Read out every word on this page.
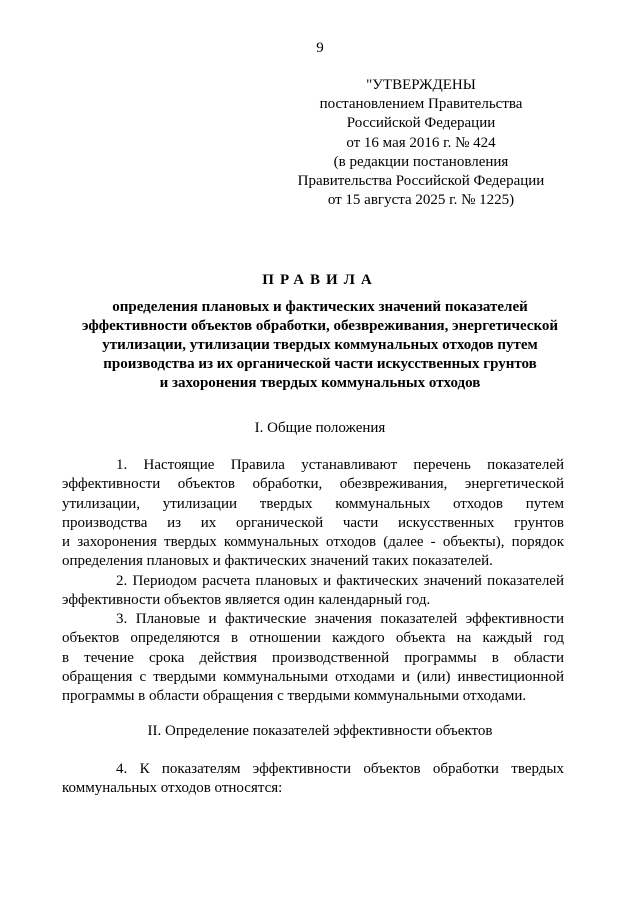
9
"УТВЕРЖДЕНЫ
постановлением Правительства
Российской Федерации
от 16 мая 2016 г. № 424
(в редакции постановления
Правительства Российской Федерации
от 15 августа 2025 г. № 1225)
ПРАВИЛА
определения плановых и фактических значений показателей
эффективности объектов обработки, обезвреживания, энергетической
утилизации, утилизации твердых коммунальных отходов путем
производства из их органической части искусственных грунтов
и захоронения твердых коммунальных отходов
I. Общие положения
1. Настоящие Правила устанавливают перечень показателей
эффективности объектов обработки, обезвреживания, энергетической
утилизации, утилизации твердых коммунальных отходов путем
производства из их органической части искусственных грунтов
и захоронения твердых коммунальных отходов (далее - объекты), порядок
определения плановых и фактических значений таких показателей.
2. Периодом расчета плановых и фактических значений показателей
эффективности объектов является один календарный год.
3. Плановые и фактические значения показателей эффективности
объектов определяются в отношении каждого объекта на каждый год
в течение срока действия производственной программы в области
обращения с твердыми коммунальными отходами и (или) инвестиционной
программы в области обращения с твердыми коммунальными отходами.
II. Определение показателей эффективности объектов
4. К показателям эффективности объектов обработки твердых
коммунальных отходов относятся:
